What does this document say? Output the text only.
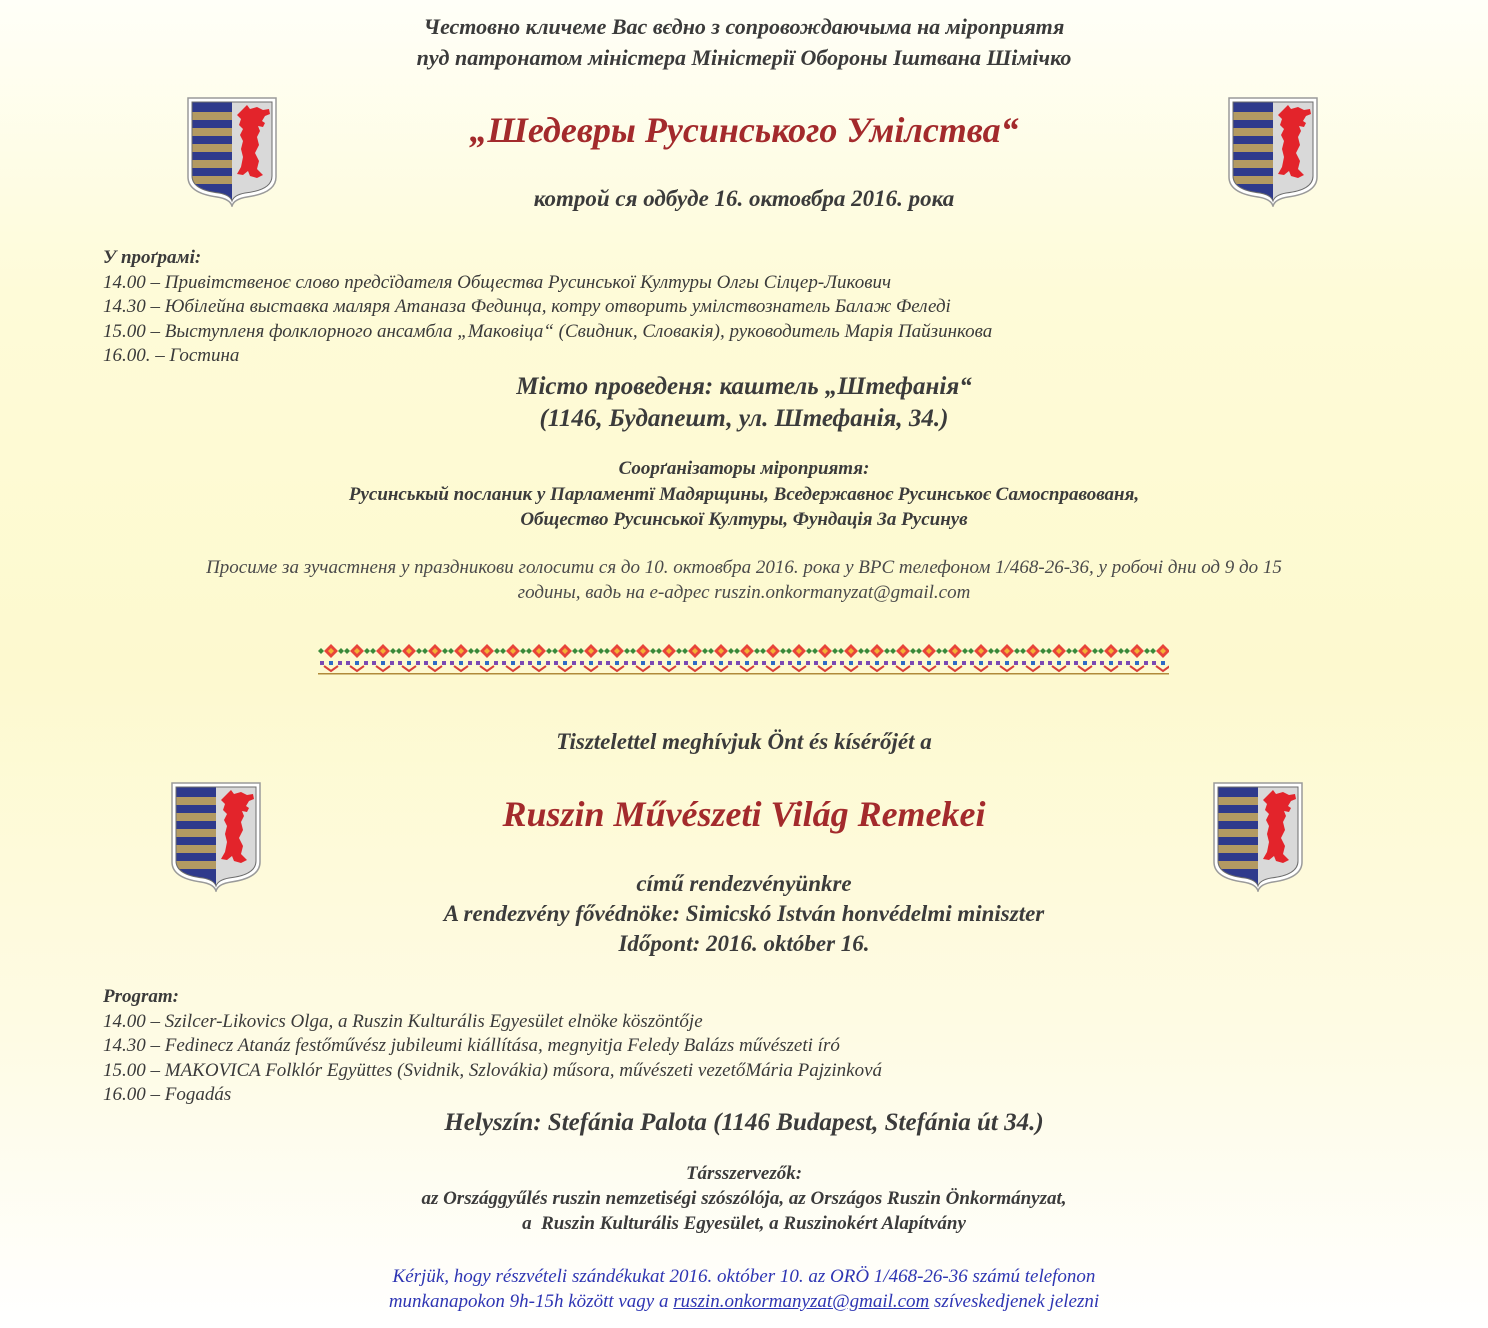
Честовно кличеме Вас вєдно з сопровождаючыма на міроприятя
пуд патронатом міністера Міністерії Обороны Іштвана Шімічко
„Шедевры Русинського Умілства“
котрой ся одбуде 16. октовбра 2016. рока
У проґрамі:
14.00 – Привітственоє слово предсїдателя Общества Русинської Културы Олгы Сілцер-Ликович
14.30 – Юбілейна выставка маляря Атаназа Фединца, котру отворить умілствознатель Балаж Феледі
15.00 – Выступленя фолклорного ансамбла „Маковіца“ (Свидник, Словакія), руководитель Марія Пайзинкова
16.00. – Гостина
Місто проведеня: каштель „Штефанія“
(1146, Будапешт, ул. Штефанія, 34.)
Соорґанізаторы міроприятя:
Русинськый посланик у Парламентї Мадярщины, Вседержавноє Русинськоє Самосправованя,
Общество Русинської Културы, Фундація За Русинув
Просиме за зучастненя у праздникови голосити ся до 10. октовбра 2016. рока у ВРС телефоном 1/468-26-36, у робочі дни од 9 до 15
годины, вадь на e-адрес ruszin.onkormanyzat@gmail.com
Tisztelettel meghívjuk Önt és kísérőjét a
Ruszin Művészeti Világ Remekei
című rendezvényünkre
A rendezvény fővédnöke: Simicskó István honvédelmi miniszter
Időpont: 2016. október 16.
Program:
14.00 – Szilcer-Likovics Olga, a Ruszin Kulturális Egyesület elnöke köszöntője
14.30 – Fedinecz Atanáz festőművész jubileumi kiállítása, megnyitja Feledy Balázs művészeti író
15.00 – MAKOVICA Folklór Együttes (Svidnik, Szlovákia) műsora, művészeti vezetőMária Pajzinková
16.00 – Fogadás
Helyszín: Stefánia Palota (1146 Budapest, Stefánia út 34.)
Társszervezők:
az Országgyűlés ruszin nemzetiségi szószólója, az Országos Ruszin Önkormányzat,
a  Ruszin Kulturális Egyesület, a Ruszinokért Alapítvány
Kérjük, hogy részvételi szándékukat 2016. október 10. az ORÖ 1/468-26-36 számú telefonon
munkanapokon 9h-15h között vagy a ruszin.onkormanyzat@gmail.com szíveskedjenek jelezni
